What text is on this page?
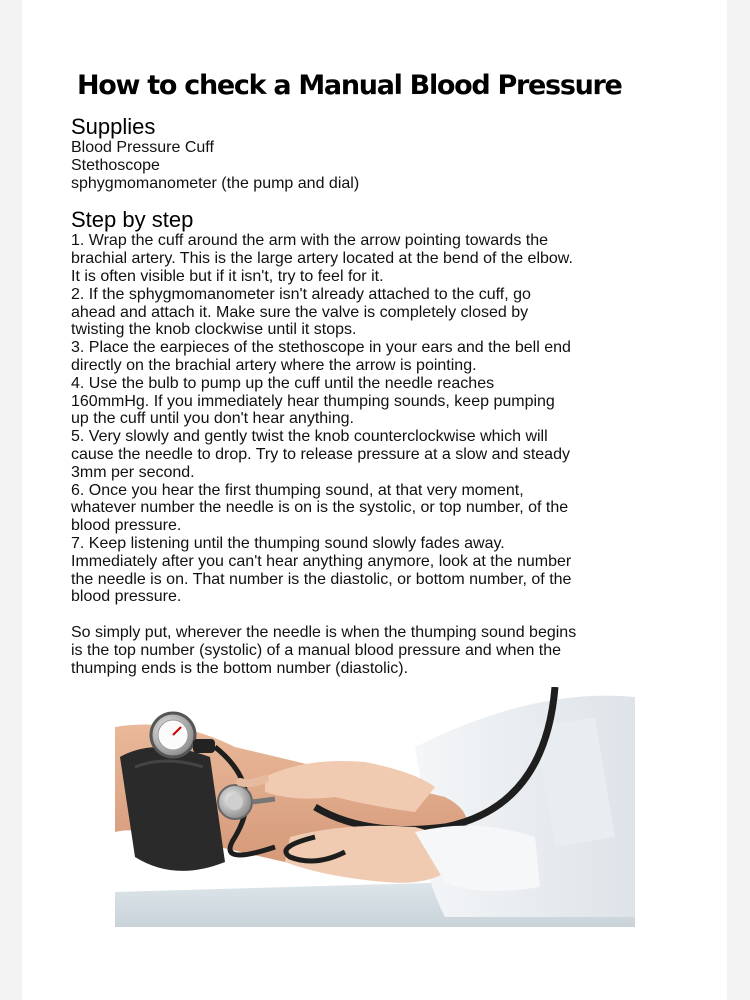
How to check a Manual Blood Pressure
Supplies
Blood Pressure Cuff
Stethoscope
sphygmomanometer (the pump and dial)
Step by step
1. Wrap the cuff around the arm with the arrow pointing towards the
brachial artery. This is the large artery located at the bend of the elbow.
It is often visible but if it isn't, try to feel for it.
2. If the sphygmomanometer isn't already attached to the cuff, go
ahead and attach it. Make sure the valve is completely closed by
twisting the knob clockwise until it stops.
3. Place the earpieces of the stethoscope in your ears and the bell end
directly on the brachial artery where the arrow is pointing.
4. Use the bulb to pump up the cuff until the needle reaches
160mmHg. If you immediately hear thumping sounds, keep pumping
up the cuff until you don't hear anything.
5. Very slowly and gently twist the knob counterclockwise which will
cause the needle to drop. Try to release pressure at a slow and steady
3mm per second.
6. Once you hear the first thumping sound, at that very moment,
whatever number the needle is on is the systolic, or top number, of the
blood pressure.
7. Keep listening until the thumping sound slowly fades away.
Immediately after you can't hear anything anymore, look at the number
the needle is on. That number is the diastolic, or bottom number, of the
blood pressure.
So simply put, wherever the needle is when the thumping sound begins
is the top number (systolic) of a manual blood pressure and when the
thumping ends is the bottom number (diastolic).
